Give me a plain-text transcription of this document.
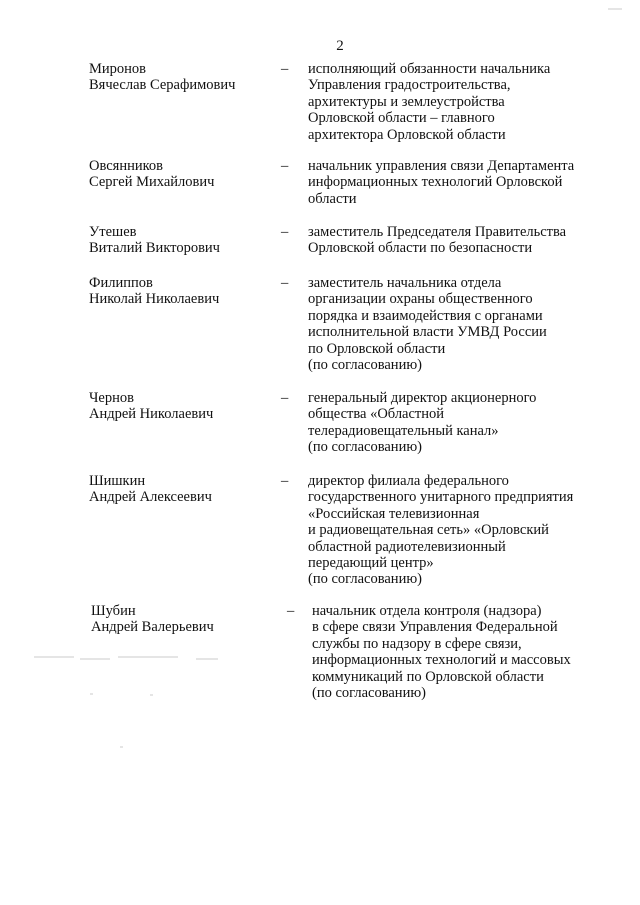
2
Миронов
Вячеслав Серафимович
– исполняющий обязанности начальника
Управления градостроительства,
архитектуры и землеустройства
Орловской области – главного
архитектора Орловской области
Овсянников
Сергей Михайлович
– начальник управления связи Департамента
информационных технологий Орловской
области
Утешев
Виталий Викторович
– заместитель Председателя Правительства
Орловской области по безопасности
Филиппов
Николай Николаевич
– заместитель начальника отдела
организации охраны общественного
порядка и взаимодействия с органами
исполнительной власти УМВД России
по Орловской области
(по согласованию)
Чернов
Андрей Николаевич
– генеральный директор акционерного
общества «Областной
телерадиовещательный канал»
(по согласованию)
Шишкин
Андрей Алексеевич
– директор филиала федерального
государственного унитарного предприятия
«Российская телевизионная
и радиовещательная сеть» «Орловский
областной радиотелевизионный
передающий центр»
(по согласованию)
Шубин
Андрей Валерьевич
– начальник отдела контроля (надзора)
в сфере связи Управления Федеральной
службы по надзору в сфере связи,
информационных технологий и массовых
коммуникаций по Орловской области
(по согласованию)
